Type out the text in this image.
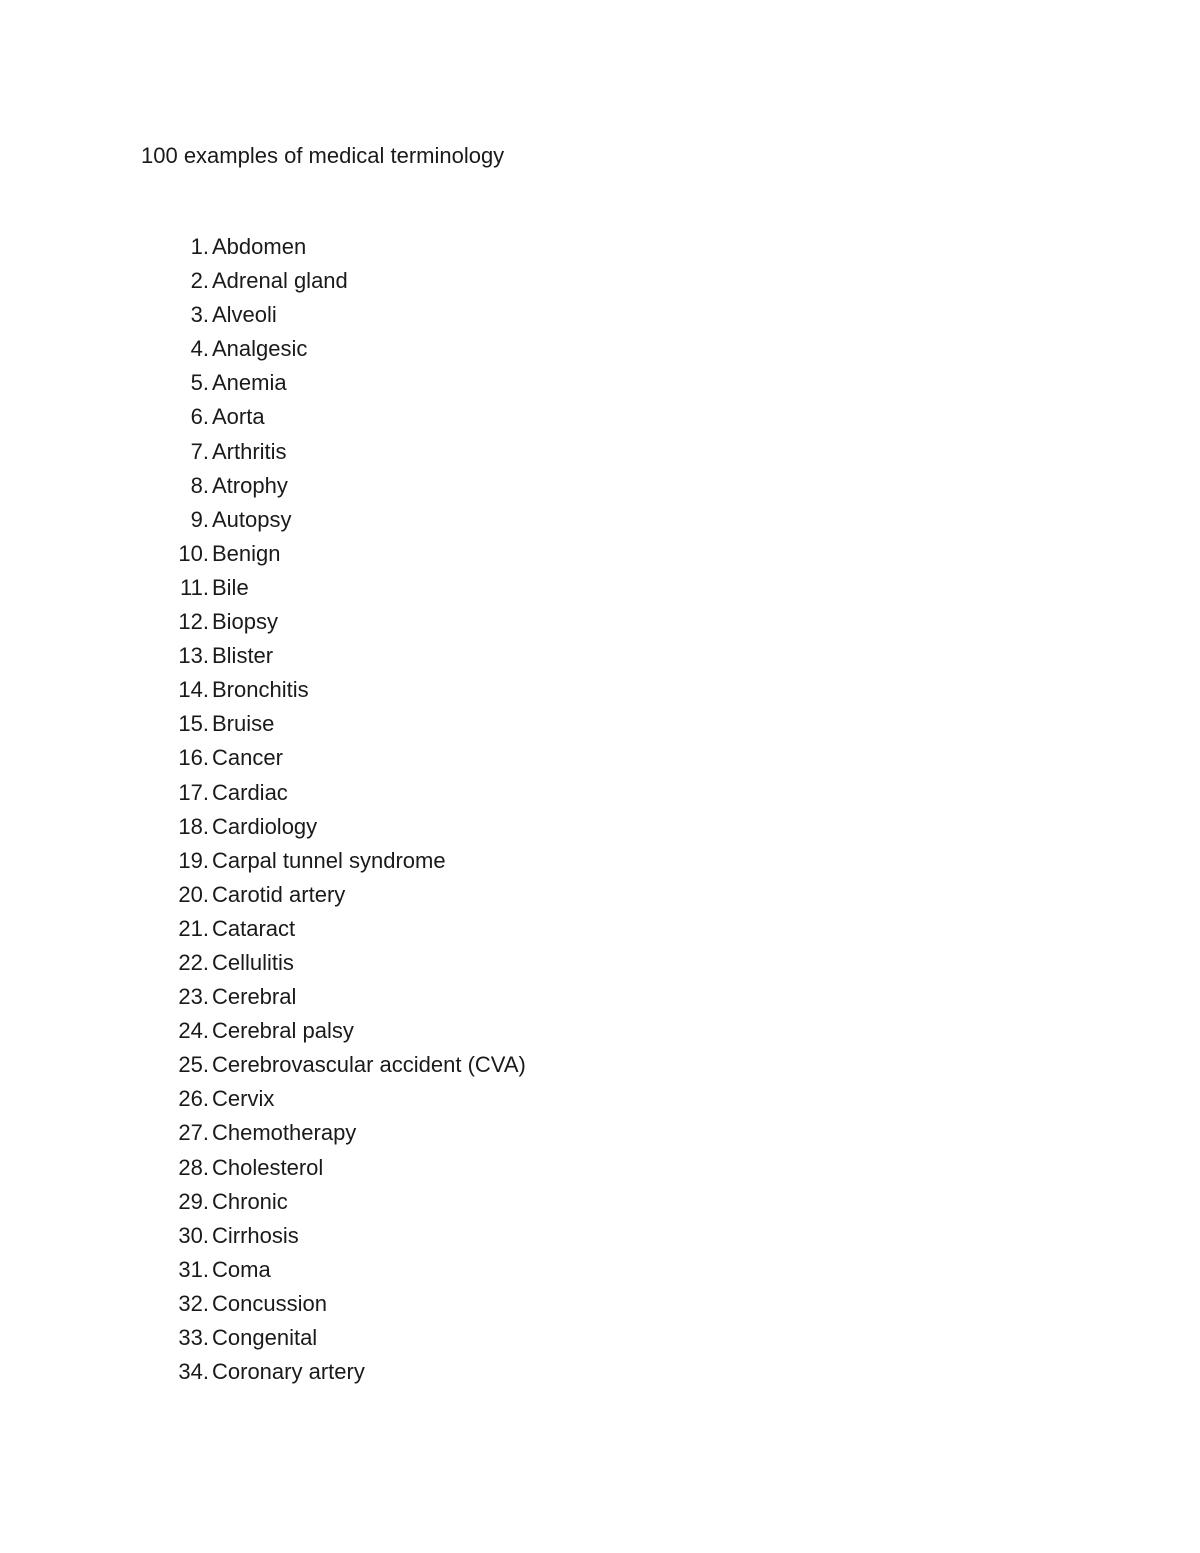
100 examples of medical terminology
1. Abdomen
2. Adrenal gland
3. Alveoli
4. Analgesic
5. Anemia
6. Aorta
7. Arthritis
8. Atrophy
9. Autopsy
10. Benign
11. Bile
12. Biopsy
13. Blister
14. Bronchitis
15. Bruise
16. Cancer
17. Cardiac
18. Cardiology
19. Carpal tunnel syndrome
20. Carotid artery
21. Cataract
22. Cellulitis
23. Cerebral
24. Cerebral palsy
25. Cerebrovascular accident (CVA)
26. Cervix
27. Chemotherapy
28. Cholesterol
29. Chronic
30. Cirrhosis
31. Coma
32. Concussion
33. Congenital
34. Coronary artery
